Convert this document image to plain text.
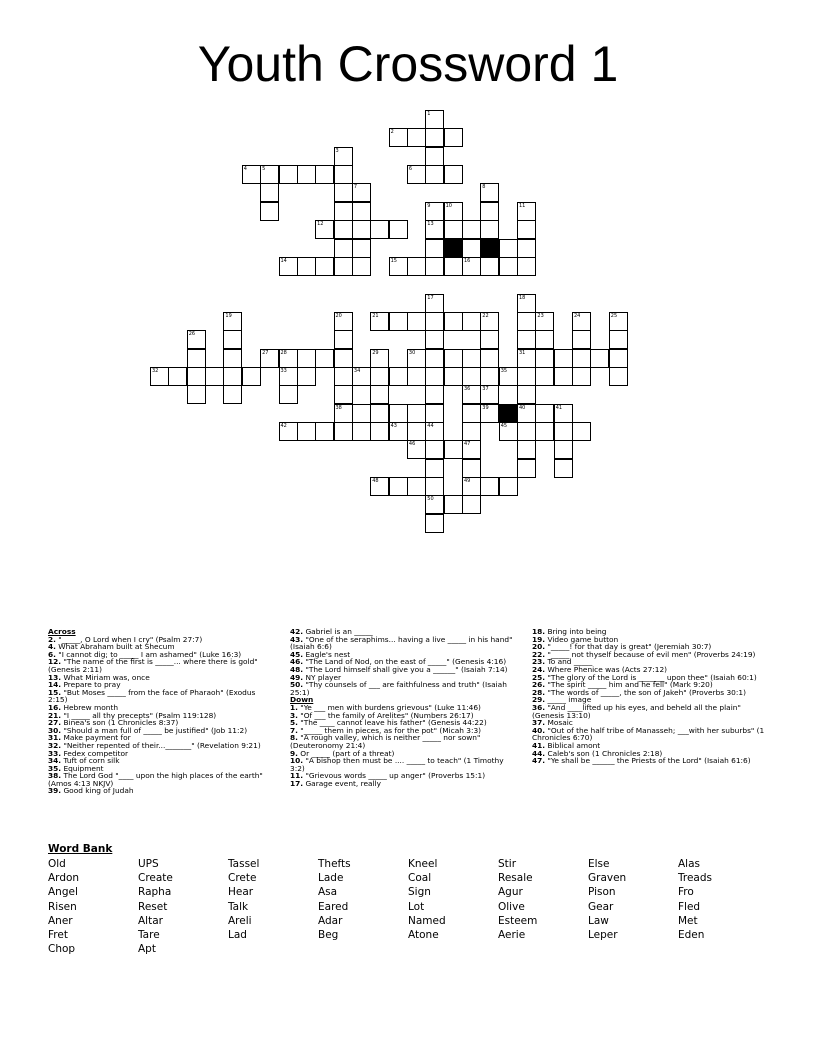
Youth Crossword 1
2
4	5	6
12	13
14	15	16
21
27 28	30	31
32	33	34	35
38	39	40
42	43	44	45
46	47
48	49
50
1
3
7	8
9	10	11
17	18
19	20	22
37
23	24	25
26
29
36
41
Across
2. "_____, O Lord when I cry" (Psalm 27:7)
4. What Abraham built at Shecum
6. "I cannot dig; to _____ I am ashamed" (Luke 16:3)
12. "The name of the first is _____... where there is gold" (Genesis 2:11)
13. What Miriam was, once
14. Prepare to pray
15. "But Moses _____ from the face of Pharaoh" (Exodus 2:15)
16. Hebrew month
21. "I _____ all thy precepts" (Psalm 119:128)
27. Binea's son (1 Chronicles 8:37)
30. "Should a man full of _____ be justified" (Job 11:2)
31. Make payment for
32. "Neither repented of their..._______" (Revelation 9:21)
33. Fedex competitor
34. Tuft of corn silk
35. Equipment
38. The Lord God "____ upon the high places of the earth" (Amos 4:13 NKJV)
39. Good king of Judah
42. Gabriel is an _____
43. "One of the seraphims... having a live _____ in his hand" (Isaiah 6:6)
45. Eagle's nest
46. "The Land of Nod, on the east of _____" (Genesis 4:16)
48. "The Lord himself shall give you a ______" (Isaiah 7:14)
49. NY player
50. "Thy counsels of ___ are faithfulness and truth" (Isaiah 25:1)
Down
1. "Ye ___ men with burdens grievous" (Luke 11:46)
3. "Of ___ the family of Arelites" (Numbers 26:17)
5. "The ____ cannot leave his father" (Genesis 44:22)
7. "_____ them in pieces, as for the pot" (Micah 3:3)
8. "A rough valley, which is neither _____ nor sown" (Deuteronomy 21:4)
9. Or _____ (part of a threat)
10. "A bishop then must be .... _____ to teach" (1 Timothy 3:2)
11. "Grievous words _____ up anger" (Proverbs 15:1)
17. Garage event, really
18. Bring into being
19. Video game button
20. "_____! for that day is great" (Jeremiah 30:7)
22. "_____ not thyself because of evil men" (Proverbs 24:19)
23. To and _____
24. Where Phenice was (Acts 27:12)
25. "The glory of the Lord is _______ upon thee" (Isaiah 60:1)
26. "The spirit _____ him and he fell" (Mark 9:20)
28. "The words of _____, the son of Jakeh" (Proverbs 30:1)
29. _____ image
36. "And ____lifted up his eyes, and beheld all the plain" (Genesis 13:10)
37. Mosaic
40. "Out of the half tribe of Manasseh; ___with her suburbs" (1 Chronicles 6:70)
41. Biblical amont
44. Caleb's son (1 Chronicles 2:18)
47. "Ye shall be ______ the Priests of the Lord" (Isaiah 61:6)
Word Bank
Old	UPS	Tassel	Thefts	Kneel	Stir	Else	Alas
Ardon	Create	Crete	Lade	Coal	Resale	Graven	Treads
Angel	Rapha	Hear	Asa	Sign	Agur	Pison	Fro
Risen	Reset	Talk	Eared	Lot	Olive	Gear	Fled
Aner	Altar	Areli	Adar	Named	Esteem	Law	Met
Fret	Tare	Lad	Beg	Atone	Aerie	Leper	Eden
Chop	Apt
